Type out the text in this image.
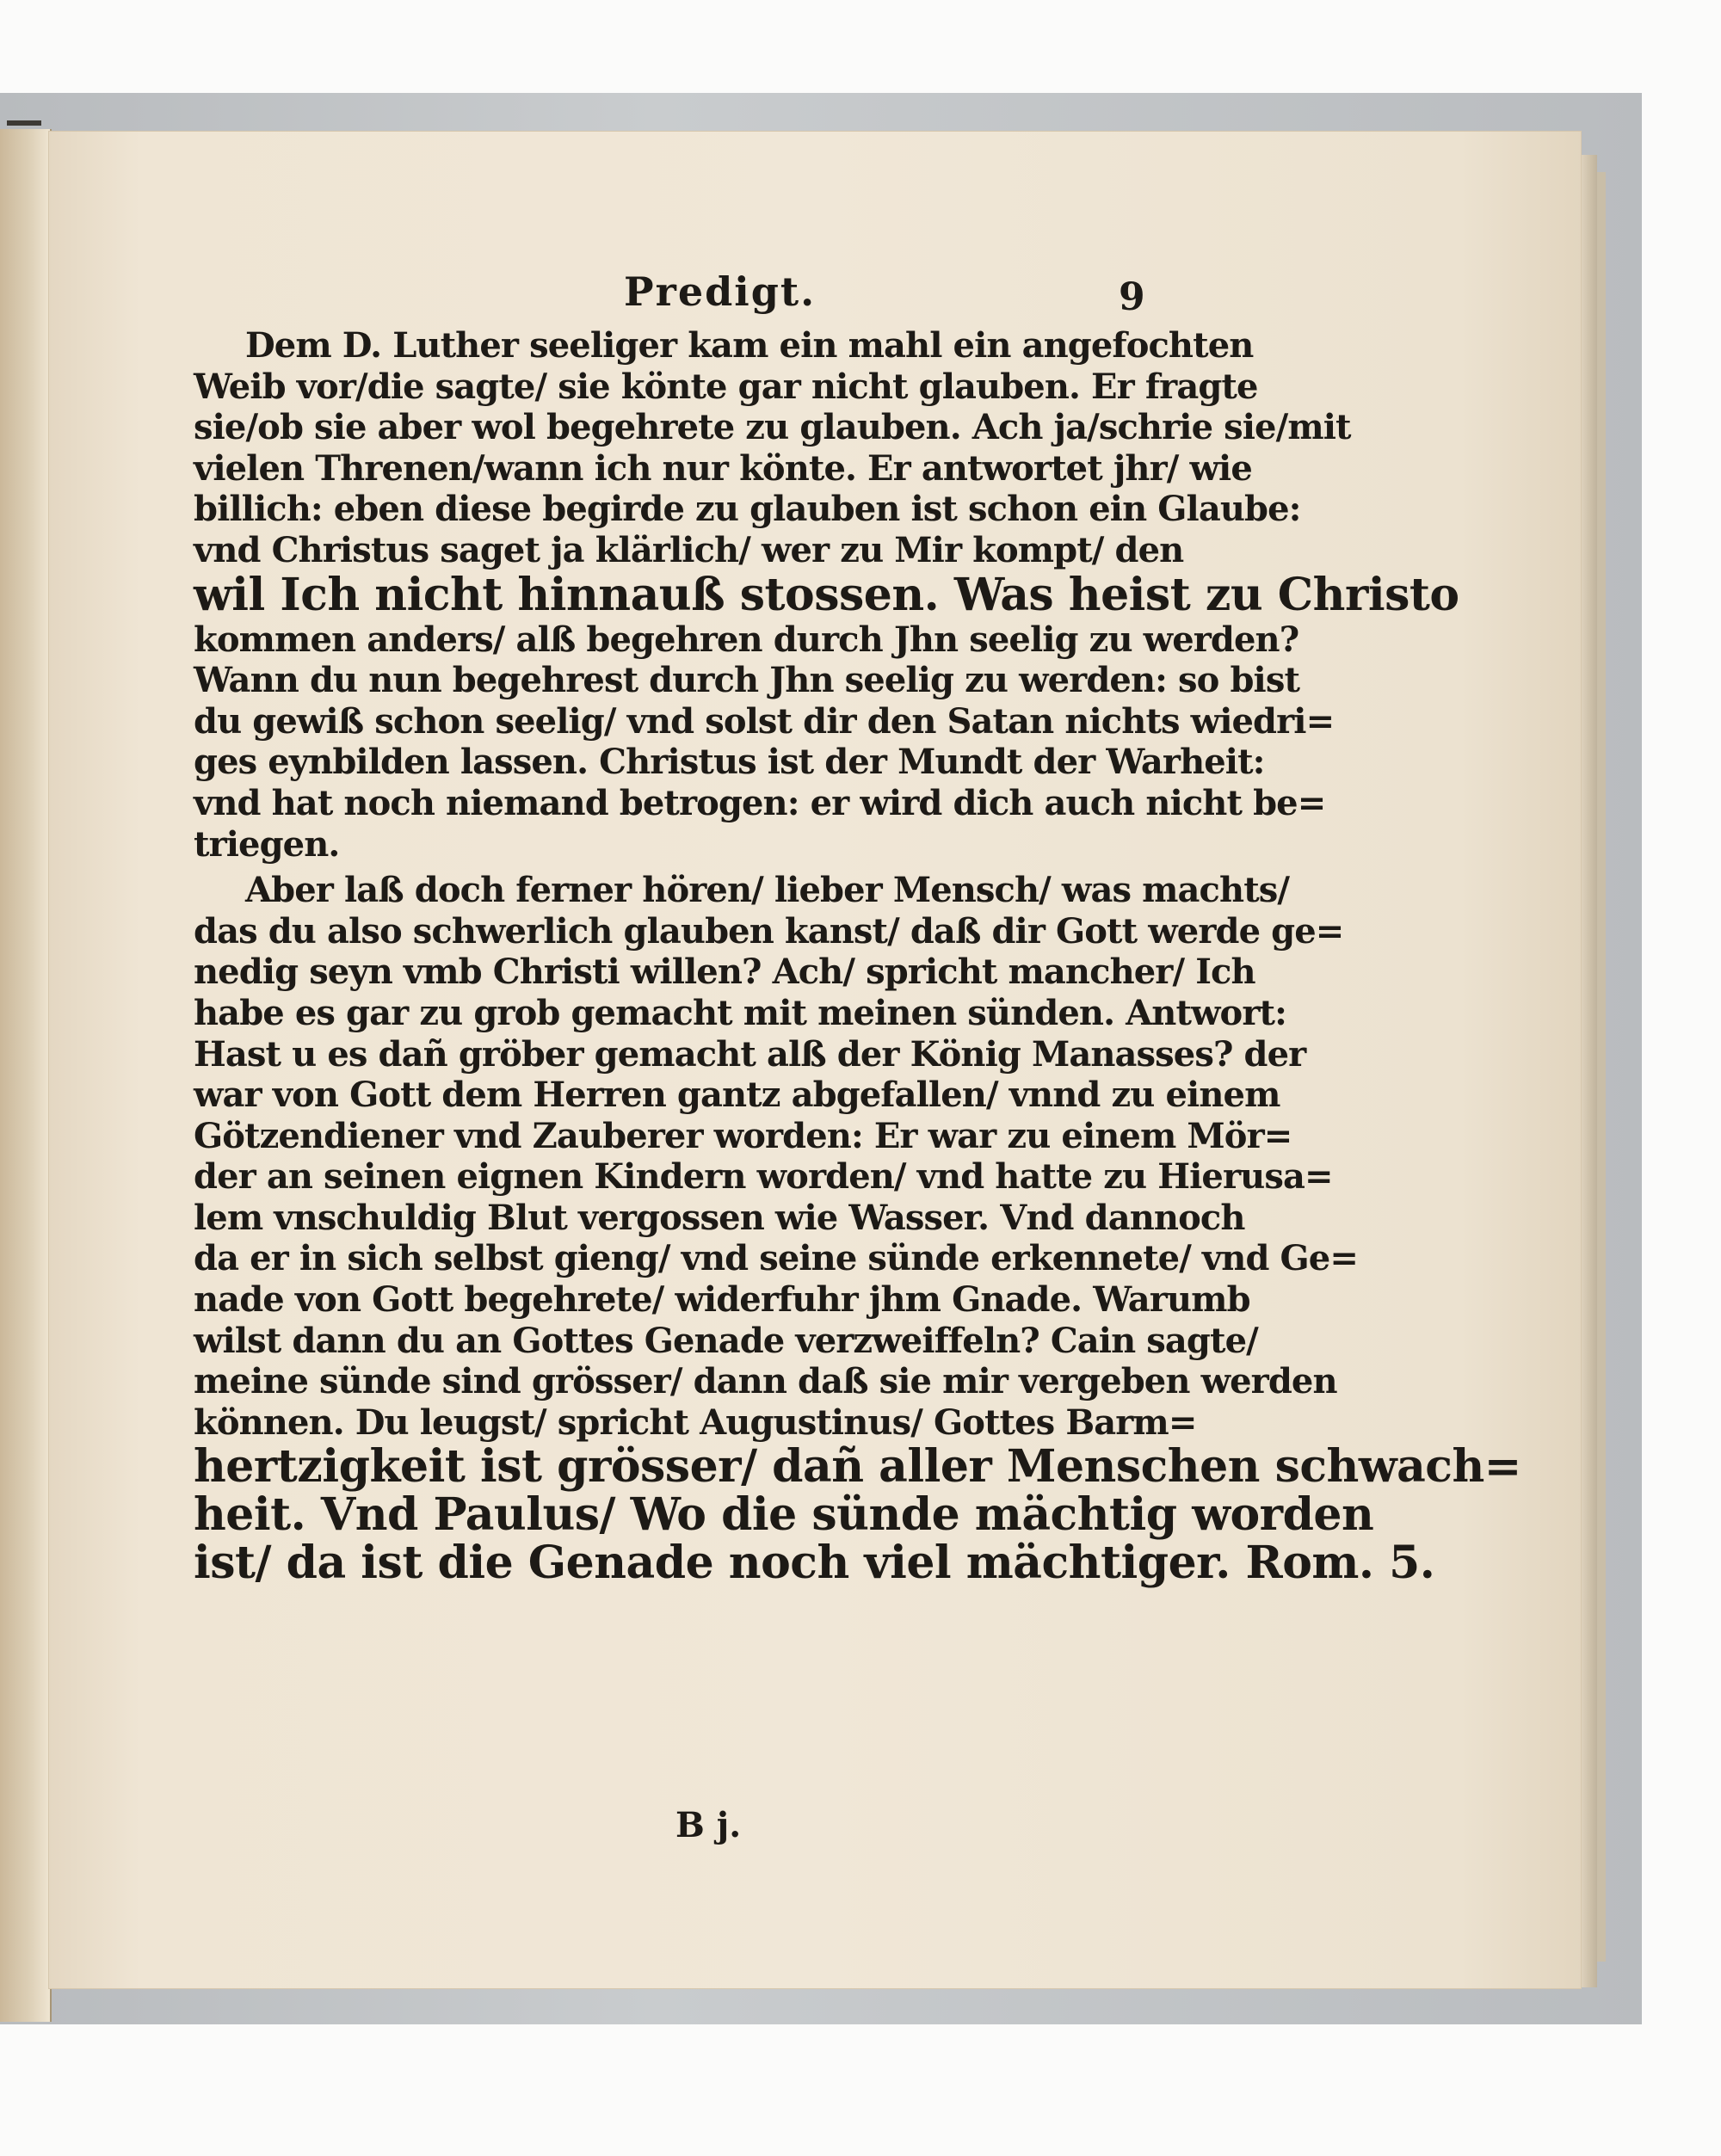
Predigt.	9
Dem D. Luther seeliger kam ein mahl ein angefochten
Weib vor/die sagte/ sie könte gar nicht glauben. Er fragte
sie/ob sie aber wol begehrete zu glauben. Ach ja/schrie sie/mit
vielen Threnen/wann ich nur könte. Er antwortet jhr/ wie
billich: eben diese begirde zu glauben ist schon ein Glaube:
vnd Christus saget ja klärlich/ wer zu Mir kompt/ den
wil Ich nicht hinnauß stossen. Was heist zu Christo
kommen anders/ alß begehren durch Jhn seelig zu werden?
Wann du nun begehrest durch Jhn seelig zu werden: so bist
du gewiß schon seelig/ vnd solst dir den Satan nichts wiedri=
ges eynbilden lassen. Christus ist der Mundt der Warheit:
vnd hat noch niemand betrogen: er wird dich auch nicht be=
triegen.
Aber laß doch ferner hören/ lieber Mensch/ was machts/
das du also schwerlich glauben kanst/ daß dir Gott werde ge=
nedig seyn vmb Christi willen? Ach/ spricht mancher/ Ich
habe es gar zu grob gemacht mit meinen sünden. Antwort:
Hast u es dañ gröber gemacht alß der König Manasses? der
war von Gott dem Herren gantz abgefallen/ vnnd zu einem
Götzendiener vnd Zauberer worden: Er war zu einem Mör=
der an seinen eignen Kindern worden/ vnd hatte zu Hierusa=
lem vnschuldig Blut vergossen wie Wasser. Vnd dannoch
da er in sich selbst gieng/ vnd seine sünde erkennete/ vnd Ge=
nade von Gott begehrete/ widerfuhr jhm Gnade. Warumb
wilst dann du an Gottes Genade verzweiffeln? Cain sagte/
meine sünde sind grösser/ dann daß sie mir vergeben werden
können. Du leugst/ spricht Augustinus/ Gottes Barm=
hertzigkeit ist grösser/ dañ aller Menschen schwach=
heit. Vnd Paulus/ Wo die sünde mächtig worden
ist/ da ist die Genade noch viel mächtiger. Rom. 5.
B j.
